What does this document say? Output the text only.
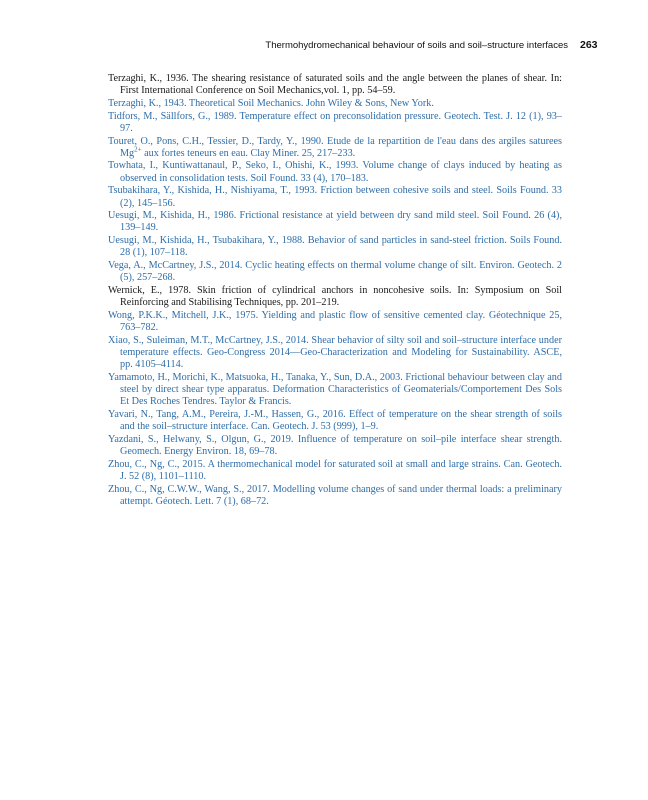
Thermohydromechanical behaviour of soils and soil–structure interfaces 263

Terzaghi, K., 1936. The shearing resistance of saturated soils and the angle between the planes of shear. In: First International Conference on Soil Mechanics,vol. 1, pp. 54–59.

Terzaghi, K., 1943. Theoretical Soil Mechanics. John Wiley & Sons, New York.

Tidfors, M., Sällfors, G., 1989. Temperature effect on preconsolidation pressure. Geotech. Test. J. 12 (1), 93–97.

Touret, O., Pons, C.H., Tessier, D., Tardy, Y., 1990. Etude de la repartition de l'eau dans des argiles saturees $Mg^{2+}$ aux fortes teneurs en eau. Clay Miner. 25, 217–233.

Towhata, I., Kuntiwattanaul, P., Seko, I., Ohishi, K., 1993. Volume change of clays induced by heating as observed in consolidation tests. Soil Found. 33 (4), 170–183.

Tsubakihara, Y., Kishida, H., Nishiyama, T., 1993. Friction between cohesive soils and steel. Soils Found. 33 (2), 145–156.

Uesugi, M., Kishida, H., 1986. Frictional resistance at yield between dry sand mild steel. Soil Found. 26 (4), 139–149.

Uesugi, M., Kishida, H., Tsubakihara, Y., 1988. Behavior of sand particles in sand-steel friction. Soils Found. 28 (1), 107–118.

Vega, A., McCartney, J.S., 2014. Cyclic heating effects on thermal volume change of silt. Environ. Geotech. 2 (5), 257–268.

Wernick, E., 1978. Skin friction of cylindrical anchors in noncohesive soils. In: Symposium on Soil Reinforcing and Stabilising Techniques, pp. 201–219.

Wong, P.K.K., Mitchell, J.K., 1975. Yielding and plastic flow of sensitive cemented clay. Géotechnique 25, 763–782.

Xiao, S., Suleiman, M.T., McCartney, J.S., 2014. Shear behavior of silty soil and soil–structure interface under temperature effects. Geo-Congress 2014—Geo-Characterization and Modeling for Sustainability. ASCE, pp. 4105–4114.

Yamamoto, H., Morichi, K., Matsuoka, H., Tanaka, Y., Sun, D.A., 2003. Frictional behaviour between clay and steel by direct shear type apparatus. Deformation Characteristics of Geomaterials/Comportement Des Sols Et Des Roches Tendres. Taylor & Francis.

Yavari, N., Tang, A.M., Pereira, J.-M., Hassen, G., 2016. Effect of temperature on the shear strength of soils and the soil–structure interface. Can. Geotech. J. 53 (999), 1–9.

Yazdani, S., Helwany, S., Olgun, G., 2019. Influence of temperature on soil–pile interface shear strength. Geomech. Energy Environ. 18, 69–78.

Zhou, C., Ng, C., 2015. A thermomechanical model for saturated soil at small and large strains. Can. Geotech. J. 52 (8), 1101–1110.

Zhou, C., Ng, C.W.W., Wang, S., 2017. Modelling volume changes of sand under thermal loads: a preliminary attempt. Géotech. Lett. 7 (1), 68–72.
